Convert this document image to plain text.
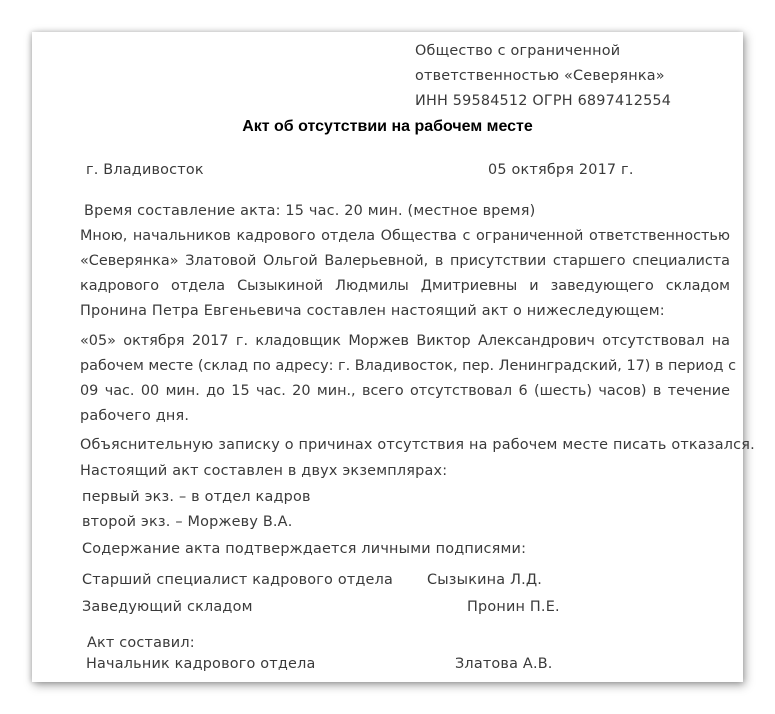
Общество с ограниченной
ответственностью «Северянка»
ИНН 59584512 ОГРН 6897412554
Акт об отсутствии на рабочем месте
г. Владивосток	05 октября 2017 г.
Время составление акта: 15 час. 20 мин. (местное время)
Мною, начальников кадрового отдела Общества с ограниченной ответственностью
«Северянка» Златовой Ольгой Валерьевной, в присутствии старшего специалиста
кадрового отдела Сызыкиной Людмилы Дмитриевны и заведующего складом
Пронина Петра Евгеньевича составлен настоящий акт о нижеследующем:
«05» октября 2017 г. кладовщик Моржев Виктор Александрович отсутствовал на
рабочем месте (склад по адресу: г. Владивосток, пер. Ленинградский, 17) в период с
09 час. 00 мин. до 15 час. 20 мин., всего отсутствовал 6 (шесть) часов) в течение
рабочего дня.
Объяснительную записку о причинах отсутствия на рабочем месте писать отказался.
Настоящий акт составлен в двух экземплярах:
первый экз. – в отдел кадров
второй экз. – Моржеву В.А.
Содержание акта подтверждается личными подписями:
Старший специалист кадрового отдела Сызыкина Л.Д.
Заведующий складом	Пронин П.Е.
Акт составил:
Начальник кадрового отдела	Златова А.В.
